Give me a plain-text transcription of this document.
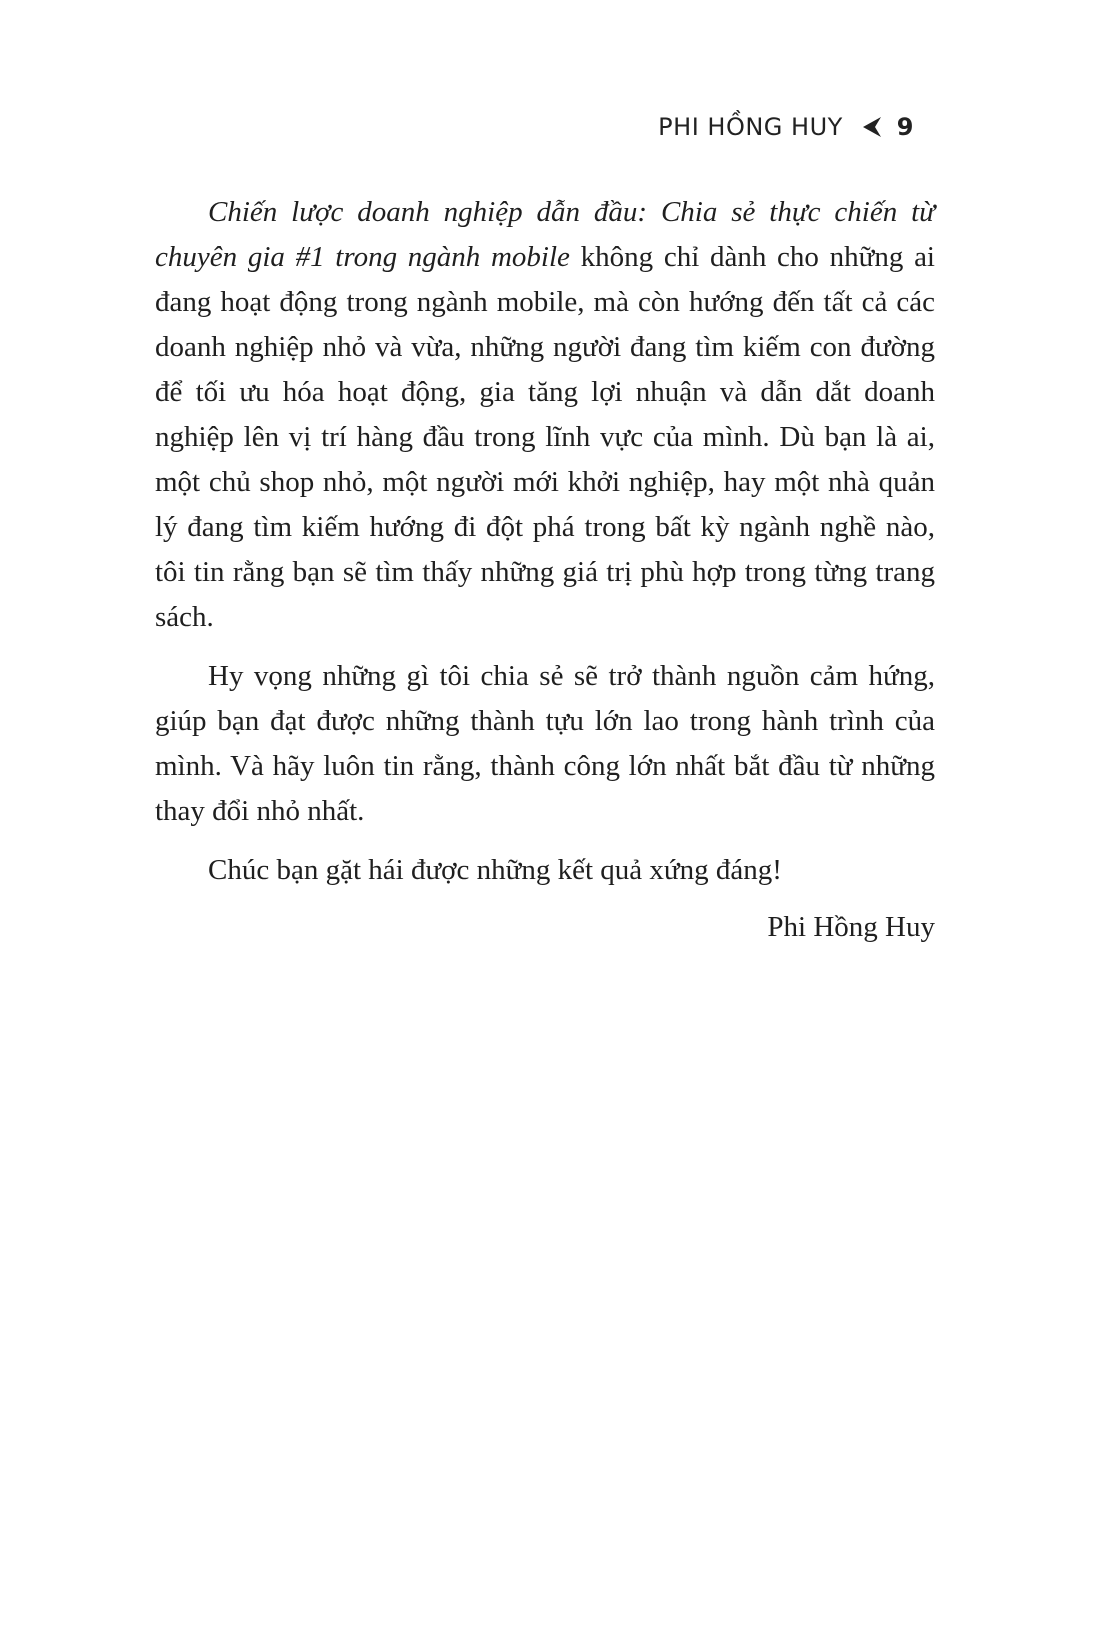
PHI HỒNG HUY 9

Chiến lược doanh nghiệp dẫn đầu: Chia sẻ thực chiến từ chuyên gia #1 trong ngành mobile không chỉ dành cho những ai đang hoạt động trong ngành mobile, mà còn hướng đến tất cả các doanh nghiệp nhỏ và vừa, những người đang tìm kiếm con đường để tối ưu hóa hoạt động, gia tăng lợi nhuận và dẫn dắt doanh nghiệp lên vị trí hàng đầu trong lĩnh vực của mình. Dù bạn là ai, một chủ shop nhỏ, một người mới khởi nghiệp, hay một nhà quản lý đang tìm kiếm hướng đi đột phá trong bất kỳ ngành nghề nào, tôi tin rằng bạn sẽ tìm thấy những giá trị phù hợp trong từng trang sách.

Hy vọng những gì tôi chia sẻ sẽ trở thành nguồn cảm hứng, giúp bạn đạt được những thành tựu lớn lao trong hành trình của mình. Và hãy luôn tin rằng, thành công lớn nhất bắt đầu từ những thay đổi nhỏ nhất.

Chúc bạn gặt hái được những kết quả xứng đáng!

Phi Hồng Huy
